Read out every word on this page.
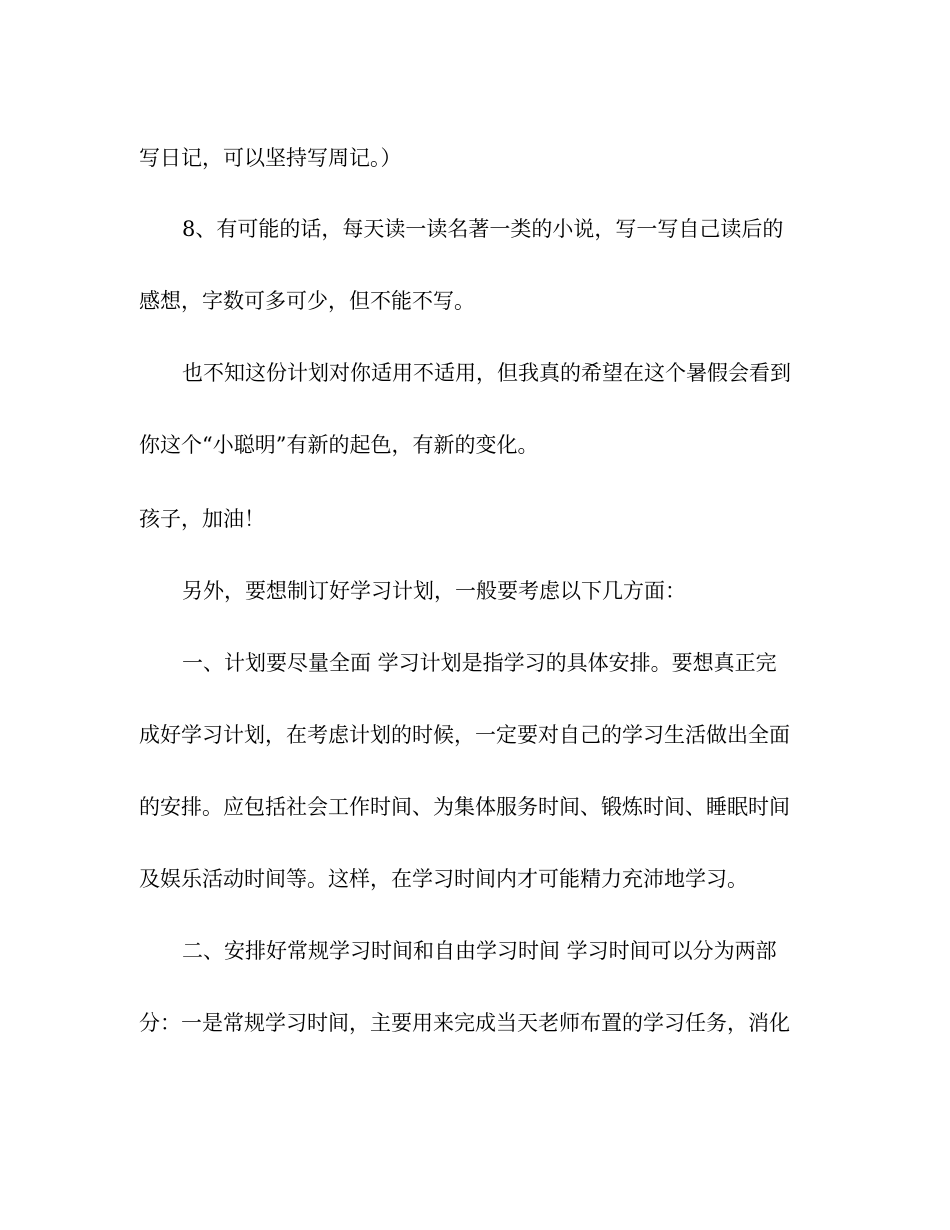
写日记，可以坚持写周记。）
8、有可能的话，每天读一读名著一类的小说，写一写自己读后的
感想，字数可多可少，但不能不写。
也不知这份计划对你适用不适用，但我真的希望在这个暑假会看到
你这个“小聪明”有新的起色，有新的变化。
孩子，加油！
另外，要想制订好学习计划，一般要考虑以下几方面：
一、计划要尽量全面 学习计划是指学习的具体安排。要想真正完
成好学习计划，在考虑计划的时候，一定要对自己的学习生活做出全面
的安排。应包括社会工作时间、为集体服务时间、锻炼时间、睡眠时间
及娱乐活动时间等。这样，在学习时间内才可能精力充沛地学习。
二、安排好常规学习时间和自由学习时间 学习时间可以分为两部
分：一是常规学习时间，主要用来完成当天老师布置的学习任务，消化
